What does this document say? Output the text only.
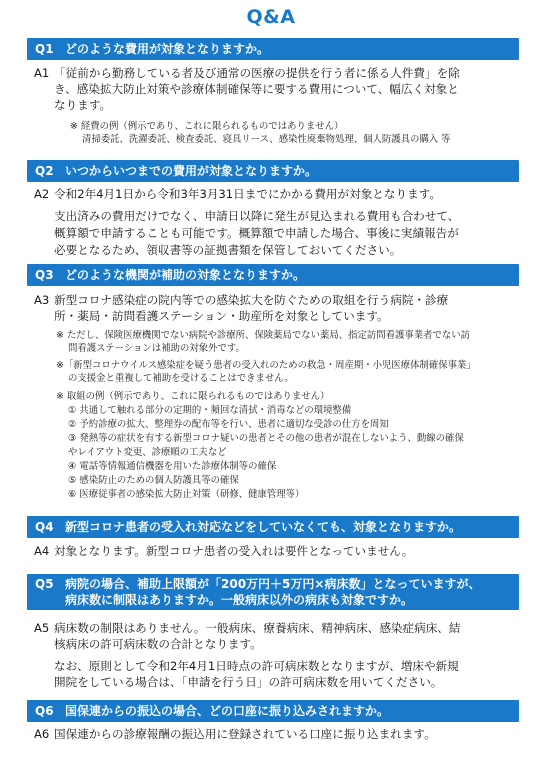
Q&A
Q1 どのような費用が対象となりますか。
A1 「従前から勤務している者及び通常の医療の提供を行う者に係る人件費」を除
き、感染拡大防止対策や診療体制確保等に要する費用について、幅広く対象と
なります。
※ 経費の例（例示であり、これに限られるものではありません）
清掃委託、洗濯委託、検査委託、寝具リース、感染性廃棄物処理、個人防護具の購入 等
Q2 いつからいつまでの費用が対象となりますか。
A2 令和2年4月1日から令和3年3月31日までにかかる費用が対象となります。
支出済みの費用だけでなく、申請日以降に発生が見込まれる費用も合わせて、
概算額で申請することも可能です。概算額で申請した場合、事後に実績報告が
必要となるため、領収書等の証拠書類を保管しておいてください。
Q3 どのような機関が補助の対象となりますか。
A3 新型コロナ感染症の院内等での感染拡大を防ぐための取組を行う病院・診療
所・薬局・訪問看護ステーション・助産所を対象としています。
※ ただし、保険医療機関でない病院や診療所、保険薬局でない薬局、指定訪問看護事業者でない訪
問看護ステーションは補助の対象外です。
※「新型コロナウイルス感染症を疑う患者の受入れのための救急・周産期・小児医療体制確保事業」
の支援金と重複して補助を受けることはできません。
※ 取組の例（例示であり、これに限られるものではありません）
① 共通して触れる部分の定期的・頻回な清拭・消毒などの環境整備
② 予約診療の拡大、整理券の配布等を行い、患者に適切な受診の仕方を周知
③ 発熱等の症状を有する新型コロナ疑いの患者とその他の患者が混在しないよう、動線の確保
やレイアウト変更、診療順の工夫など
④ 電話等情報通信機器を用いた診療体制等の確保
⑤ 感染防止のための個人防護具等の確保
⑥ 医療従事者の感染拡大防止対策（研修、健康管理等）
Q4 新型コロナ患者の受入れ対応などをしていなくても、対象となりますか。
A4 対象となります。新型コロナ患者の受入れは要件となっていません。
Q5 病院の場合、補助上限額が「200万円＋5万円×病床数」となっていますが、
病床数に制限はありますか。一般病床以外の病床も対象ですか。
A5 病床数の制限はありません。一般病床、療養病床、精神病床、感染症病床、結
核病床の許可病床数の合計となります。
なお、原則として令和2年4月1日時点の許可病床数となりますが、増床や新規
開院をしている場合は、「申請を行う日」の許可病床数を用いてください。
Q6 国保連からの振込の場合、どの口座に振り込みされますか。
A6 国保連からの診療報酬の振込用に登録されている口座に振り込まれます。
